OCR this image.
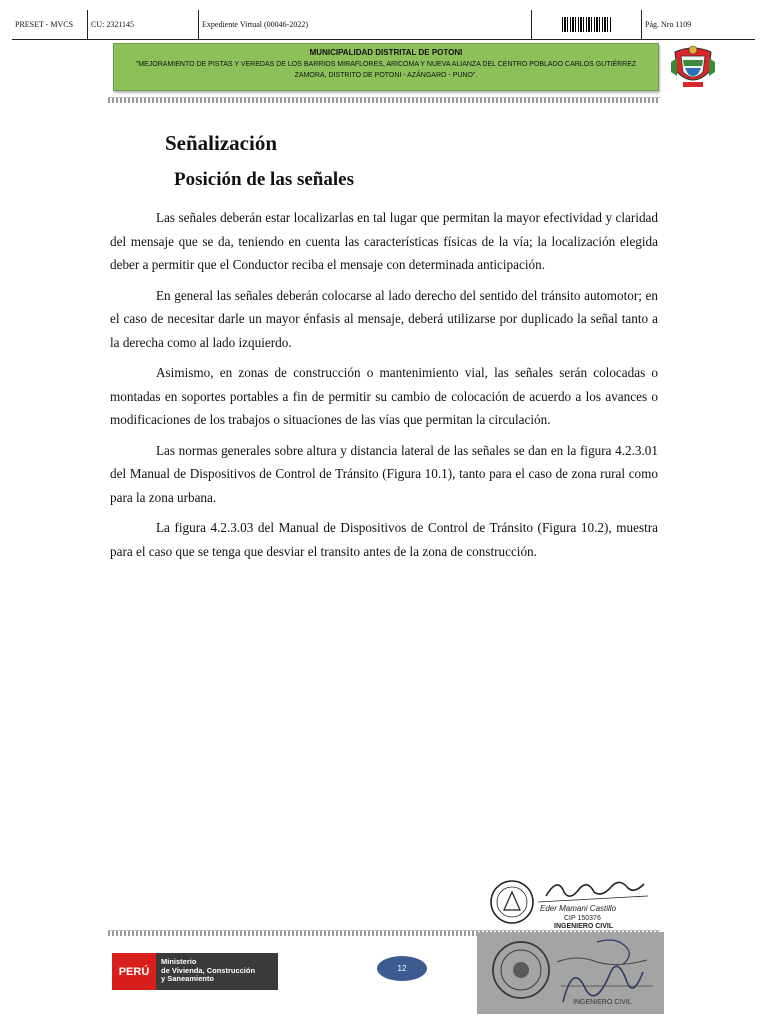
PRESET - MVCS	CU: 2321145	Expediente Virtual (00046-2022)	Pág. Nro 1109
MUNICIPALIDAD DISTRITAL DE POTONI
"MEJORAMIENTO DE PISTAS Y VEREDAS DE LOS BARRIOS MIRAFLORES, ARICOMA Y NUEVA ALIANZA DEL CENTRO POBLADO CARLOS GUTIÉRREZ ZAMORA, DISTRITO DE POTONI - AZÁNGARO - PUNO".
Señalización
Posición de las señales

Las señales deberán estar localizarlas en tal lugar que permitan la mayor efectividad y claridad del mensaje que se da, teniendo en cuenta las características físicas de la vía; la localización elegida deber a permitir que el Conductor reciba el mensaje con determinada anticipación.

En general las señales deberán colocarse al lado derecho del sentido del tránsito automotor; en el caso de necesitar darle un mayor énfasis al mensaje, deberá utilizarse por duplicado la señal tanto a la derecha como al lado izquierdo.

Asimismo, en zonas de construcción o mantenimiento vial, las señales serán colocadas o montadas en soportes portables a fin de permitir su cambio de colocación de acuerdo a los avances o modificaciones de los trabajos o situaciones de las vías que permitan la circulación.

Las normas generales sobre altura y distancia lateral de las señales se dan en la figura 4.2.3.01 del Manual de Dispositivos de Control de Tránsito (Figura 10.1), tanto para el caso de zona rural como para la zona urbana.

La figura 4.2.3.03 del Manual de Dispositivos de Control de Tránsito (Figura 10.2), muestra para el caso que se tenga que desviar el transito antes de la zona de construcción.

Eder Mamani Castillo
CIP 150376
INGENIERO CIVIL
PERÚ
Ministerio
de Vivienda, Construcción
y Saneamiento
12
INGENIERO CIVIL
